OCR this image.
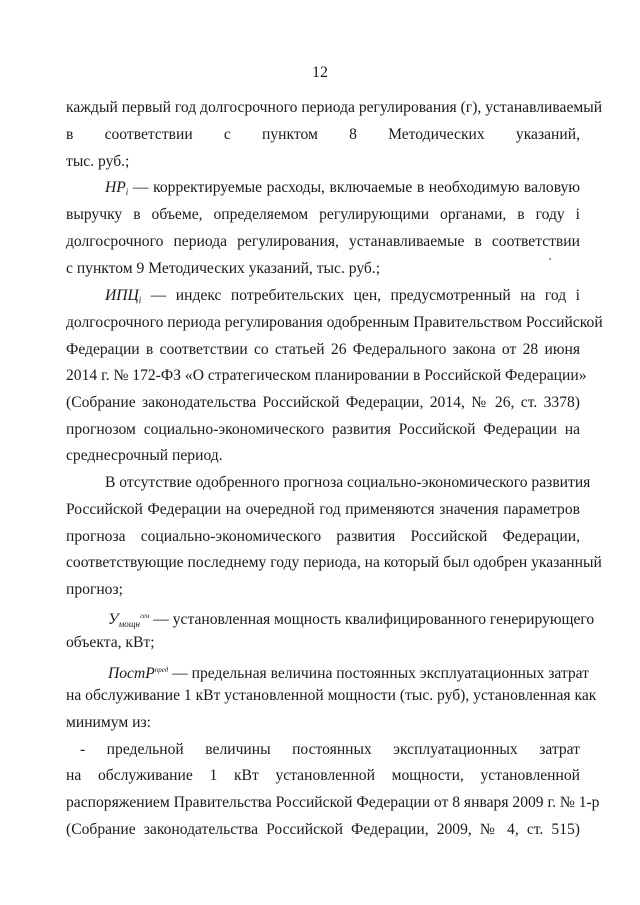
12
каждый первый год долгосрочного периода регулирования (г), устанавливаемый
в соответствии с пунктом 8 Методических указаний,
тыс. руб.;
$НР_i$ — корректируемые расходы, включаемые в необходимую валовую
выручку в объеме, определяемом регулирующими органами, в году i
долгосрочного периода регулирования, устанавливаемые в соответствии
с пунктом 9 Методических указаний, тыс. руб.;
$ИПЦ_i$ — индекс потребительских цен, предусмотренный на год i
долгосрочного периода регулирования одобренным Правительством Российской
Федерации в соответствии со статьей 26 Федерального закона от 28 июня
2014 г. № 172-ФЗ «О стратегическом планировании в Российской Федерации»
(Собрание законодательства Российской Федерации, 2014, № 26, ст. 3378)
прогнозом социально-экономического развития Российской Федерации на
среднесрочный период.
В отсутствие одобренного прогноза социально-экономического развития
Российской Федерации на очередной год применяются значения параметров
прогноза социально-экономического развития Российской Федерации,
соответствующие последнему году периода, на который был одобрен указанный
прогноз;
$У_{мощн}^{ген}$ — установленная мощность квалифицированного генерирующего
объекта, кВт;
ПостР$^{пред}$ — предельная величина постоянных эксплуатационных затрат
на обслуживание 1 кВт установленной мощности (тыс. руб), установленная как
минимум из:
- предельной величины постоянных эксплуатационных затрат
на обслуживание 1 кВт установленной мощности, установленной
распоряжением Правительства Российской Федерации от 8 января 2009 г. № 1-р
(Собрание законодательства Российской Федерации, 2009, № 4, ст. 515)
